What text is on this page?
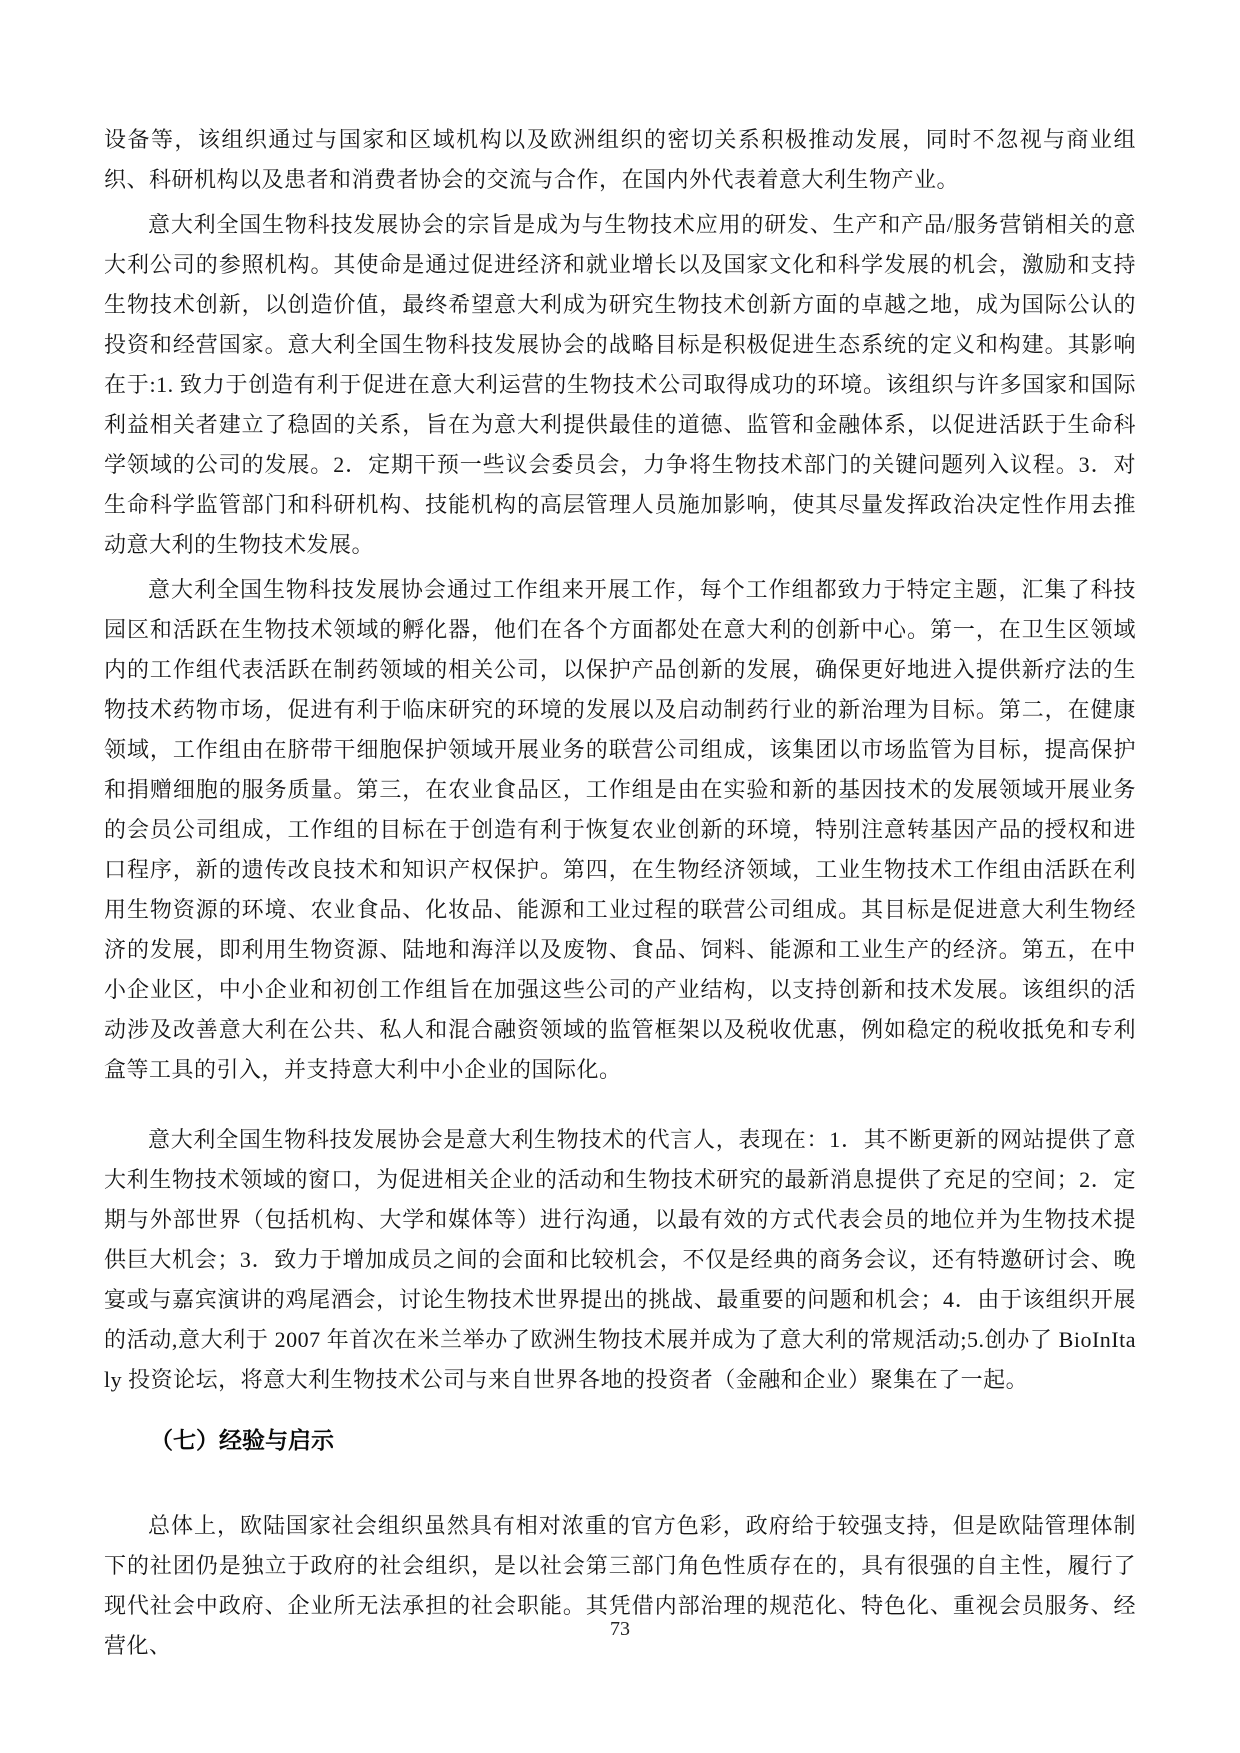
设备等，该组织通过与国家和区域机构以及欧洲组织的密切关系积极推动发展，同时不忽视与商业组织、科研机构以及患者和消费者协会的交流与合作，在国内外代表着意大利生物产业。

意大利全国生物科技发展协会的宗旨是成为与生物技术应用的研发、生产和产品/服务营销相关的意大利公司的参照机构。其使命是通过促进经济和就业增长以及国家文化和科学发展的机会，激励和支持生物技术创新，以创造价值，最终希望意大利成为研究生物技术创新方面的卓越之地，成为国际公认的投资和经营国家。意大利全国生物科技发展协会的战略目标是积极促进生态系统的定义和构建。其影响在于:1. 致力于创造有利于促进在意大利运营的生物技术公司取得成功的环境。该组织与许多国家和国际利益相关者建立了稳固的关系，旨在为意大利提供最佳的道德、监管和金融体系，以促进活跃于生命科学领域的公司的发展。2．定期干预一些议会委员会，力争将生物技术部门的关键问题列入议程。3．对生命科学监管部门和科研机构、技能机构的高层管理人员施加影响，使其尽量发挥政治决定性作用去推动意大利的生物技术发展。

意大利全国生物科技发展协会通过工作组来开展工作，每个工作组都致力于特定主题，汇集了科技园区和活跃在生物技术领域的孵化器，他们在各个方面都处在意大利的创新中心。第一，在卫生区领域内的工作组代表活跃在制药领域的相关公司，以保护产品创新的发展，确保更好地进入提供新疗法的生物技术药物市场，促进有利于临床研究的环境的发展以及启动制药行业的新治理为目标。第二，在健康领域，工作组由在脐带干细胞保护领域开展业务的联营公司组成，该集团以市场监管为目标，提高保护和捐赠细胞的服务质量。第三，在农业食品区，工作组是由在实验和新的基因技术的发展领域开展业务的会员公司组成，工作组的目标在于创造有利于恢复农业创新的环境，特别注意转基因产品的授权和进口程序，新的遗传改良技术和知识产权保护。第四，在生物经济领域，工业生物技术工作组由活跃在利用生物资源的环境、农业食品、化妆品、能源和工业过程的联营公司组成。其目标是促进意大利生物经济的发展，即利用生物资源、陆地和海洋以及废物、食品、饲料、能源和工业生产的经济。第五，在中小企业区，中小企业和初创工作组旨在加强这些公司的产业结构，以支持创新和技术发展。该组织的活动涉及改善意大利在公共、私人和混合融资领域的监管框架以及税收优惠，例如稳定的税收抵免和专利盒等工具的引入，并支持意大利中小企业的国际化。

意大利全国生物科技发展协会是意大利生物技术的代言人，表现在：1．其不断更新的网站提供了意大利生物技术领域的窗口，为促进相关企业的活动和生物技术研究的最新消息提供了充足的空间；2．定期与外部世界（包括机构、大学和媒体等）进行沟通，以最有效的方式代表会员的地位并为生物技术提供巨大机会；3．致力于增加成员之间的会面和比较机会，不仅是经典的商务会议，还有特邀研讨会、晚宴或与嘉宾演讲的鸡尾酒会，讨论生物技术世界提出的挑战、最重要的问题和机会；4．由于该组织开展的活动,意大利于 2007 年首次在米兰举办了欧洲生物技术展并成为了意大利的常规活动;5.创办了 BioInItaly 投资论坛，将意大利生物技术公司与来自世界各地的投资者（金融和企业）聚集在了一起。

（七）经验与启示

总体上，欧陆国家社会组织虽然具有相对浓重的官方色彩，政府给于较强支持，但是欧陆管理体制下的社团仍是独立于政府的社会组织，是以社会第三部门角色性质存在的，具有很强的自主性，履行了现代社会中政府、企业所无法承担的社会职能。其凭借内部治理的规范化、特色化、重视会员服务、经营化、

73
